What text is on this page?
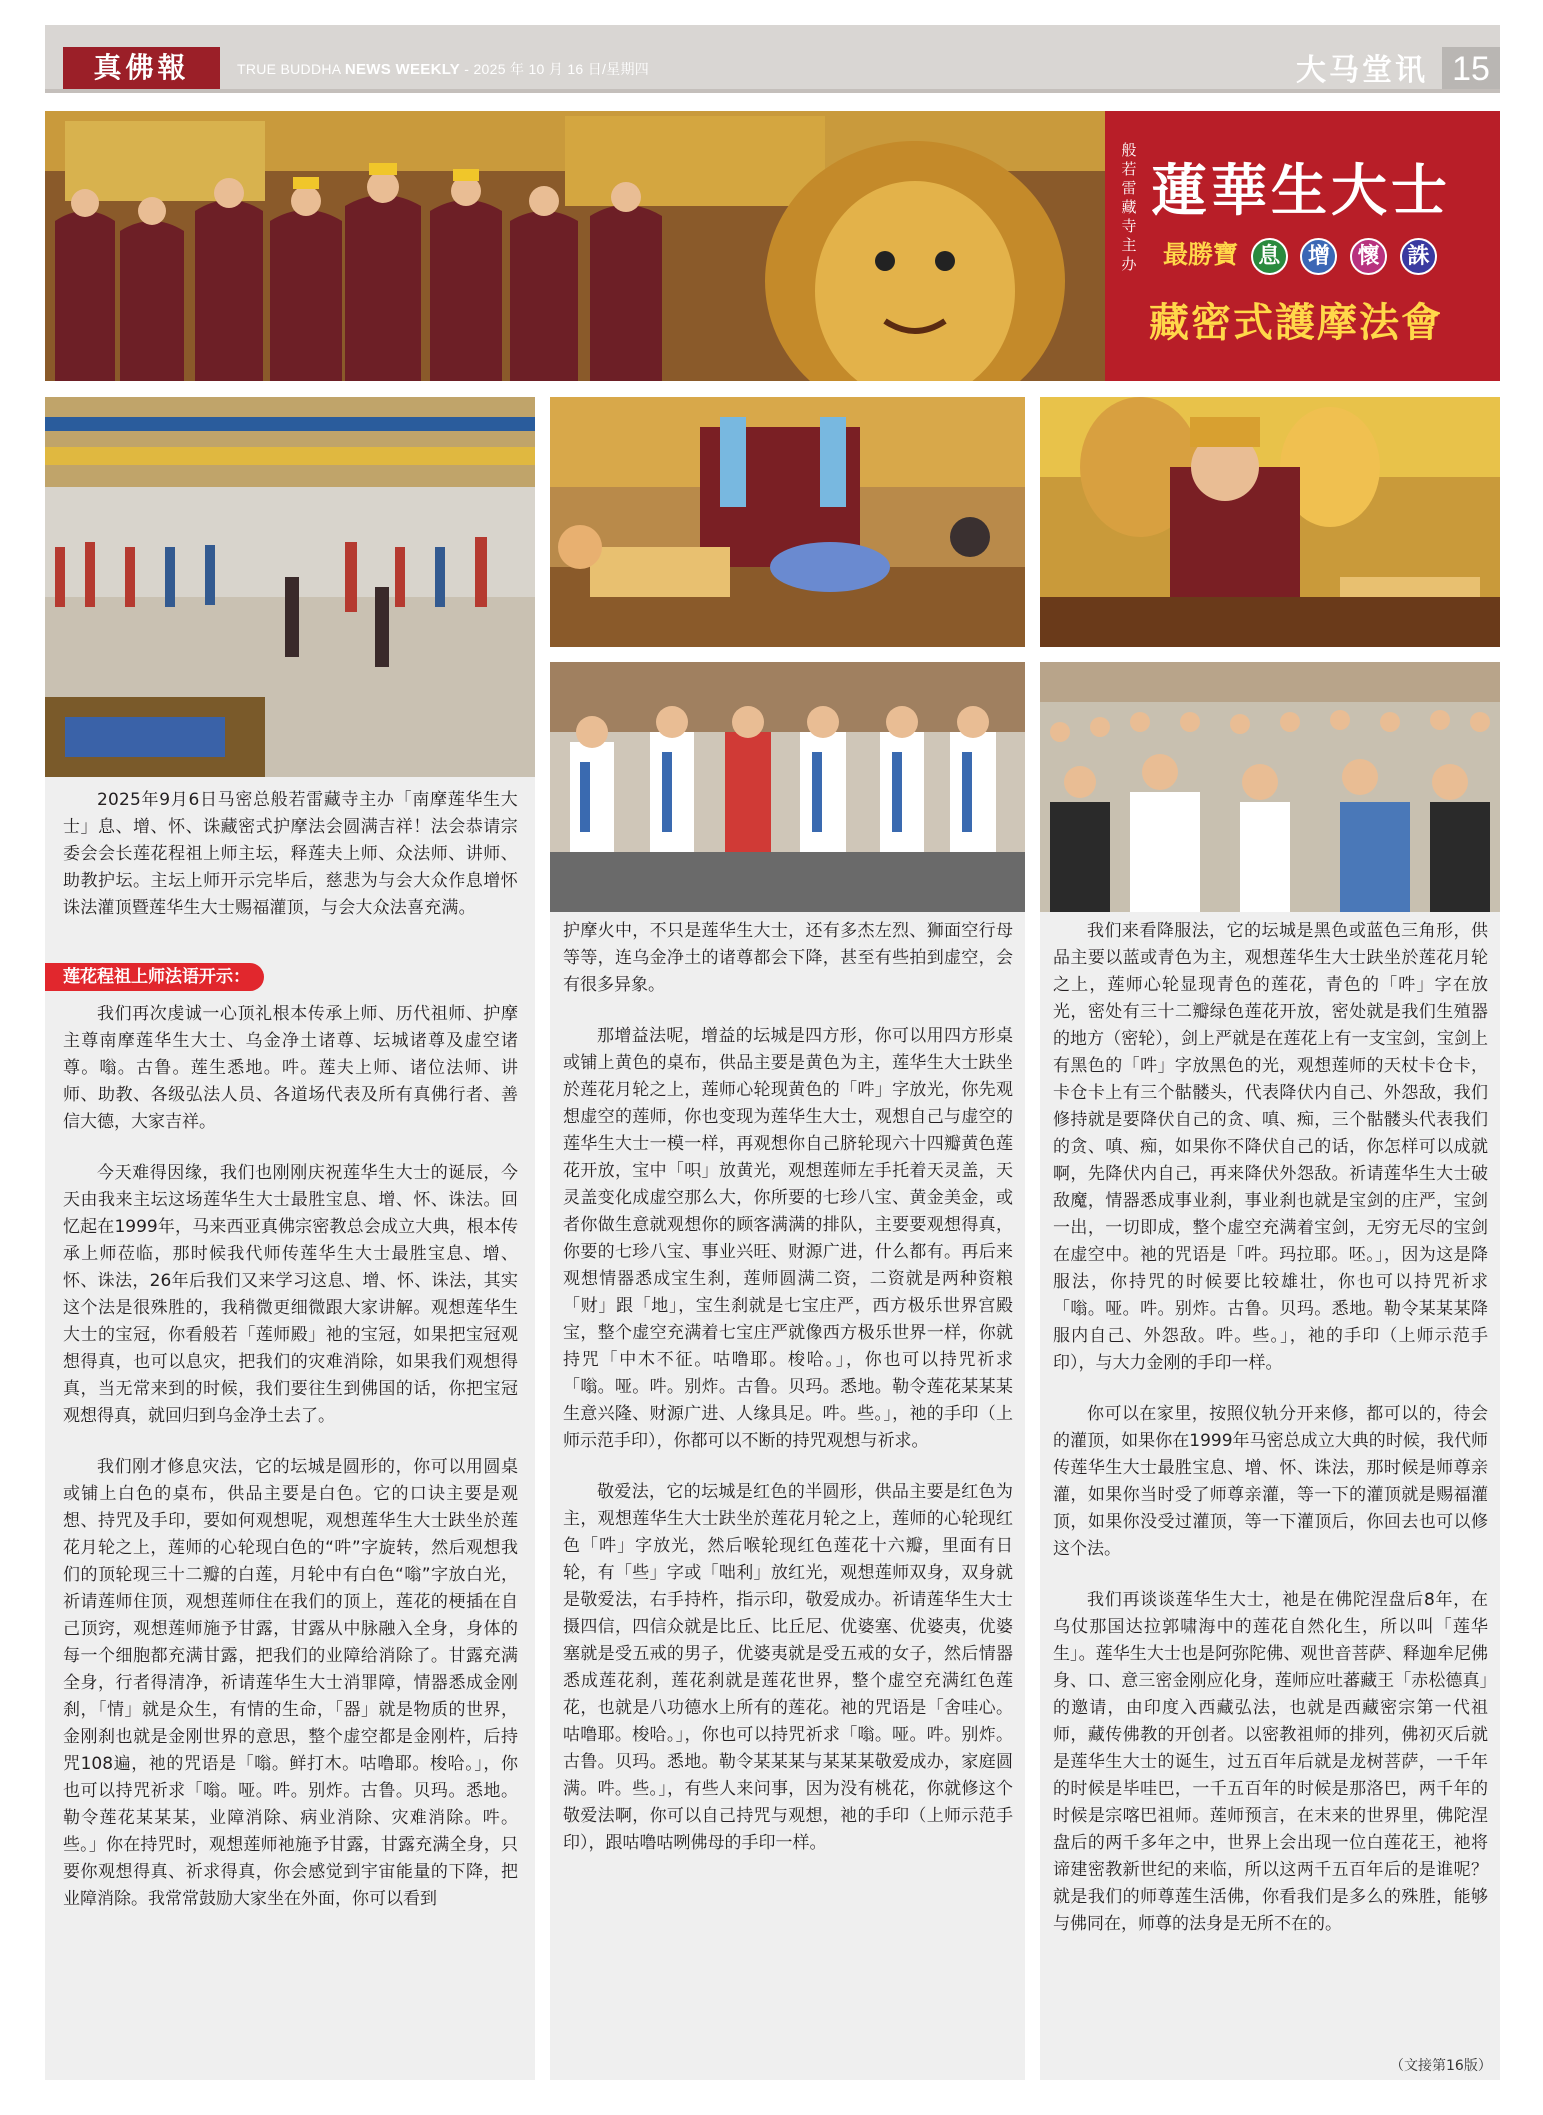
真佛報	TRUE BUDDHA NEWS WEEKLY - 2025 年 10 月 16 日/星期四	大马堂讯 15
般若雷藏寺主办
蓮華生大士
最勝寶 息 增 懷 誅
藏密式護摩法會

2025年9月6日马密总般若雷藏寺主办「南摩莲华生大士」息、增、怀、诛藏密式护摩法会圆满吉祥！法会恭请宗委会会长莲花程祖上师主坛，释莲夫上师、众法师、讲师、助教护坛。主坛上师开示完毕后，慈悲为与会大众作息增怀诛法灌顶暨莲华生大士赐福灌顶，与会大众法喜充满。

莲花程祖上师法语开示：

我们再次虔诚一心顶礼根本传承上师、历代祖师、护摩主尊南摩莲华生大士、乌金净土诸尊、坛城诸尊及虚空诸尊。嗡。古鲁。莲生悉地。吽。莲夫上师、诸位法师、讲师、助教、各级弘法人员、各道场代表及所有真佛行者、善信大德，大家吉祥。

今天难得因缘，我们也刚刚庆祝莲华生大士的诞辰，今天由我来主坛这场莲华生大士最胜宝息、增、怀、诛法。回忆起在1999年，马来西亚真佛宗密教总会成立大典，根本传承上师莅临，那时候我代师传莲华生大士最胜宝息、增、怀、诛法，26年后我们又来学习这息、增、怀、诛法，其实这个法是很殊胜的，我稍微更细微跟大家讲解。观想莲华生大士的宝冠，你看般若「莲师殿」祂的宝冠，如果把宝冠观想得真，也可以息灾，把我们的灾难消除，如果我们观想得真，当无常来到的时候，我们要往生到佛国的话，你把宝冠观想得真，就回归到乌金净土去了。

我们刚才修息灾法，它的坛城是圆形的，你可以用圆桌或铺上白色的桌布，供品主要是白色。它的口诀主要是观想、持咒及手印，要如何观想呢，观想莲华生大士趺坐於莲花月轮之上，莲师的心轮现白色的“吽”字旋转，然后观想我们的顶轮现三十二瓣的白莲，月轮中有白色“嗡”字放白光，祈请莲师住顶，观想莲师住在我们的顶上，莲花的梗插在自己顶窍，观想莲师施予甘露，甘露从中脉融入全身，身体的每一个细胞都充满甘露，把我们的业障给消除了。甘露充满全身，行者得清净，祈请莲华生大士消罪障，情器悉成金刚刹，「情」就是众生，有情的生命，「器」就是物质的世界，金刚刹也就是金刚世界的意思，整个虚空都是金刚杵，后持咒108遍，祂的咒语是「嗡。鲜打木。咕噜耶。梭哈。」，你也可以持咒祈求「嗡。哑。吽。别炸。古鲁。贝玛。悉地。勒令莲花某某某，业障消除、病业消除、灾难消除。吽。些。」你在持咒时，观想莲师祂施予甘露，甘露充满全身，只要你观想得真、祈求得真，你会感觉到宇宙能量的下降，把业障消除。我常常鼓励大家坐在外面，你可以看到

护摩火中，不只是莲华生大士，还有多杰左烈、狮面空行母等等，连乌金净土的诸尊都会下降，甚至有些拍到虚空，会有很多异象。

那增益法呢，增益的坛城是四方形，你可以用四方形桌或铺上黄色的桌布，供品主要是黄色为主，莲华生大士趺坐於莲花月轮之上，莲师心轮现黄色的「吽」字放光，你先观想虚空的莲师，你也变现为莲华生大士，观想自己与虚空的莲华生大士一模一样，再观想你自己脐轮现六十四瓣黄色莲花开放，宝中「呮」放黄光，观想莲师左手托着天灵盖，天灵盖变化成虚空那么大，你所要的七珍八宝、黄金美金，或者你做生意就观想你的顾客满满的排队，主要要观想得真，你要的七珍八宝、事业兴旺、财源广进，什么都有。再后来观想情器悉成宝生刹，莲师圆满二资，二资就是两种资粮「财」跟「地」，宝生刹就是七宝庄严，西方极乐世界宫殿宝，整个虚空充满着七宝庄严就像西方极乐世界一样，你就持咒「中木不征。咕噜耶。梭哈。」，你也可以持咒祈求「嗡。哑。吽。别炸。古鲁。贝玛。悉地。勒令莲花某某某生意兴隆、财源广进、人缘具足。吽。些。」，祂的手印（上师示范手印），你都可以不断的持咒观想与祈求。

敬爱法，它的坛城是红色的半圆形，供品主要是红色为主，观想莲华生大士趺坐於莲花月轮之上，莲师的心轮现红色「吽」字放光，然后喉轮现红色莲花十六瓣，里面有日轮，有「些」字或「咄利」放红光，观想莲师双身，双身就是敬爱法，右手持杵，指示印，敬爱成办。祈请莲华生大士摄四信，四信众就是比丘、比丘尼、优婆塞、优婆夷，优婆塞就是受五戒的男子，优婆夷就是受五戒的女子，然后情器悉成莲花刹，莲花刹就是莲花世界，整个虚空充满红色莲花，也就是八功德水上所有的莲花。祂的咒语是「舍哇心。咕噜耶。梭哈。」，你也可以持咒祈求「嗡。哑。吽。别炸。古鲁。贝玛。悉地。勒令某某某与某某某敬爱成办，家庭圆满。吽。些。」，有些人来问事，因为没有桃花，你就修这个敬爱法啊，你可以自己持咒与观想，祂的手印（上师示范手印），跟咕噜咕咧佛母的手印一样。

我们来看降服法，它的坛城是黑色或蓝色三角形，供品主要以蓝或青色为主，观想莲华生大士趺坐於莲花月轮之上，莲师心轮显现青色的莲花，青色的「吽」字在放光，密处有三十二瓣绿色莲花开放，密处就是我们生殖器的地方（密轮），剑上严就是在莲花上有一支宝剑，宝剑上有黑色的「吽」字放黑色的光，观想莲师的天杖卡仓卡，卡仓卡上有三个骷髅头，代表降伏内自己、外怨敌，我们修持就是要降伏自己的贪、嗔、痴，三个骷髅头代表我们的贪、嗔、痴，如果你不降伏自己的话，你怎样可以成就啊，先降伏内自己，再来降伏外怨敌。祈请莲华生大士破敌魔，情器悉成事业刹，事业刹也就是宝剑的庄严，宝剑一出，一切即成，整个虚空充满着宝剑，无穷无尽的宝剑在虚空中。祂的咒语是「吽。玛拉耶。呸。」，因为这是降服法，你持咒的时候要比较雄壮，你也可以持咒祈求「嗡。哑。吽。别炸。古鲁。贝玛。悉地。勒令某某某降服内自己、外怨敌。吽。些。」，祂的手印（上师示范手印），与大力金刚的手印一样。

你可以在家里，按照仪轨分开来修，都可以的，待会的灌顶，如果你在1999年马密总成立大典的时候，我代师传莲华生大士最胜宝息、增、怀、诛法，那时候是师尊亲灌，如果你当时受了师尊亲灌，等一下的灌顶就是赐福灌顶，如果你没受过灌顶，等一下灌顶后，你回去也可以修这个法。

我们再谈谈莲华生大士，祂是在佛陀涅盘后8年，在乌仗那国达拉郭啸海中的莲花自然化生，所以叫「莲华生」。莲华生大士也是阿弥陀佛、观世音菩萨、释迦牟尼佛身、口、意三密金刚应化身，莲师应吐蕃藏王「赤松德真」的邀请，由印度入西藏弘法，也就是西藏密宗第一代祖师，藏传佛教的开创者。以密教祖师的排列，佛初灭后就是莲华生大士的诞生，过五百年后就是龙树菩萨，一千年的时候是毕哇巴，一千五百年的时候是那洛巴，两千年的时候是宗喀巴祖师。莲师预言，在末来的世界里，佛陀涅盘后的两千多年之中，世界上会出现一位白莲花王，祂将谛建密教新世纪的来临，所以这两千五百年后的是谁呢？就是我们的师尊莲生活佛，你看我们是多么的殊胜，能够与佛同在，师尊的法身是无所不在的。

（文接第16版）
